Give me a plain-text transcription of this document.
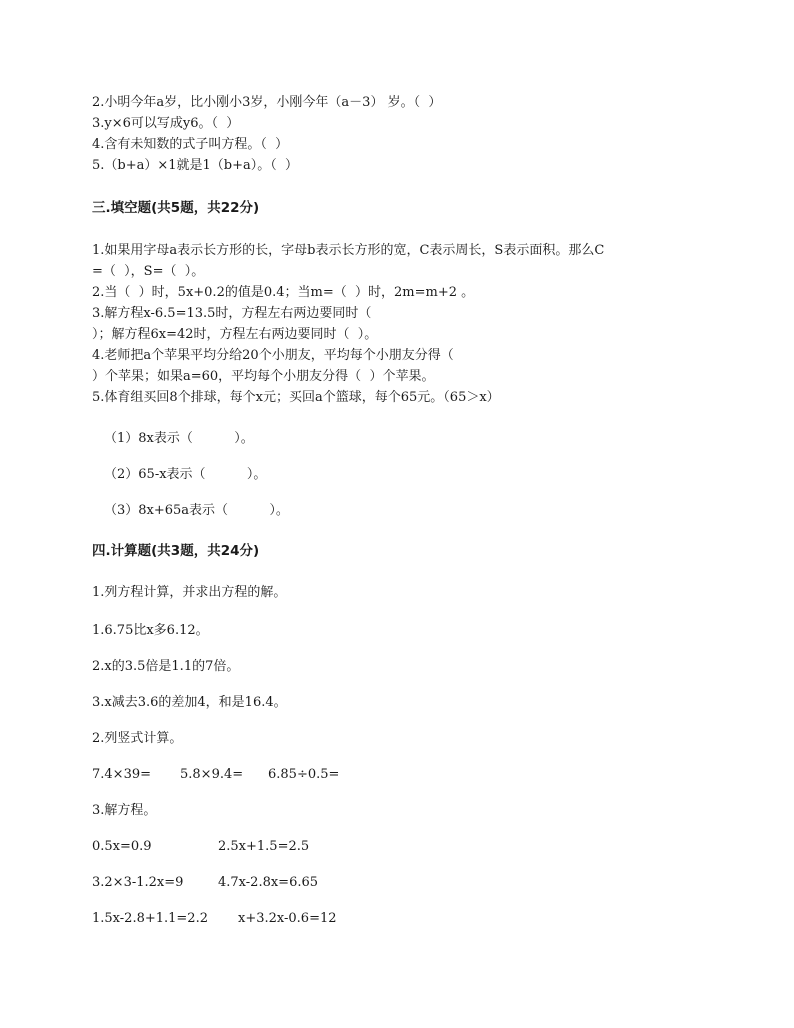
2.小明今年a岁，比小刚小3岁，小刚今年（a－3） 岁。（  ）
3.y×6可以写成y6。（  ）
4.含有未知数的式子叫方程。（  ）
5.（b+a）×1就是1（b+a）。（  ）
三.填空题(共5题，共22分)
1.如果用字母a表示长方形的长，字母b表示长方形的宽，C表示周长，S表示面积。那么C
=（  ），S=（  ）。
2.当（  ）时，5x+0.2的值是0.4；当m=（  ）时，2m=m+2 。
3.解方程x-6.5=13.5时，方程左右两边要同时（
）；解方程6x=42时，方程左右两边要同时（  ）。
4.老师把a个苹果平均分给20个小朋友，平均每个小朋友分得（
）个苹果；如果a=60，平均每个小朋友分得（  ）个苹果。
5.体育组买回8个排球，每个x元；买回a个篮球，每个65元。（65＞x）
（1）8x表示（          ）。
（2）65-x表示（          ）。
（3）8x+65a表示（          ）。
四.计算题(共3题，共24分)
1.列方程计算，并求出方程的解。
1.6.75比x多6.12。
2.x的3.5倍是1.1的7倍。
3.x减去3.6的差加4，和是16.4。
2.列竖式计算。
7.4×39=	5.8×9.4=	6.85÷0.5=
3.解方程。
0.5x=0.9	2.5x+1.5=2.5
3.2×3-1.2x=9	4.7x-2.8x=6.65
1.5x-2.8+1.1=2.2	x+3.2x-0.6=12
